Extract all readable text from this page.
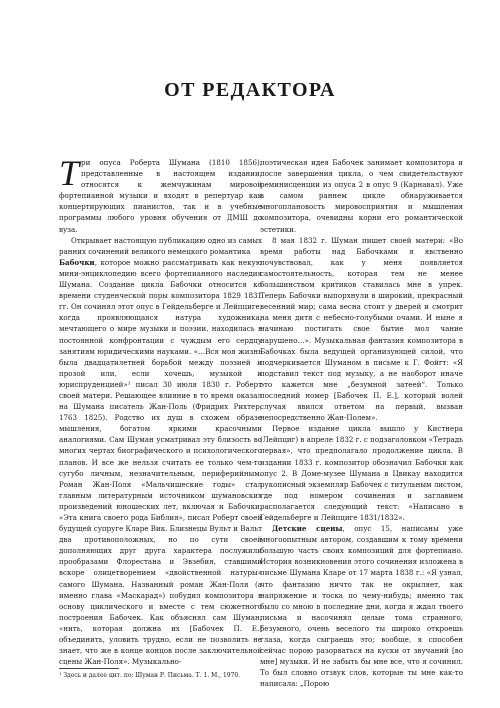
ОТ РЕДАКТОРА

Три опуса Роберта Шумана (1810 1856), представленные в настоящем издании, относятся к жемчужинам мировой фортепианной музыки и входят в репертуар как концертирующих пианистов, так и в учебные программы любого уровня обучения от ДМШ до вуза.

Открывает настоящую публикацию одно из самых ранних сочинений великого немецкого романтика

Бабочки, которое можно рассматривать как некую мини-энциклопедию всего фортепианного наследия Шумана. Создание цикла Бабочки относится ко времени студенческой поры композитора 1829 1831 гг. Он сочинял этот опус в Гейдельберге и Лейпциге, когда проявляющаяся натура художника, мечтающего о мире музыки и поэзии, находилась в постоянной конфронтации с чуждым его сердцу занятиям юридическими науками. «…Вся моя жизнь была двадцатилетней борьбой между поэзией и прозой или, если хочешь, музыкой и юриспруденцией»¹ писал 30 июля 1830 г. Роберт своей матери. Решающее влияние в то время оказал на Шумана писатель Жан-Поль (Фридрих Рихтер, 1763 1825). Родство их душ в схожем образе мышления, богатом яркими красочными аналогиями. Сам Шуман усматривал эту близость во многих чертах биографического и психологического планов. И все же нельзя считать ее только чем-то сугубо личным, незначительным, периферийным. Роман Жан-Поля «Мальчишеские годы» стал главным литературным источником шумановских произведений юношеских лет, включая и Бабочки. «Эта книга своего рода Библия», писал Роберт своей будущей супруге Кларе Вик. Близнецы Вульт и Вальт два противоположных, но по сути своей дополняющих друг друга характера послужили прообразами Флорестана и Эвзебия, ставшими вскоре олицетворением «двойственной натуры» самого Шумана. Названный роман Жан-Поля (а именно глава «Маскарад») побудил композитора в основу циклического и вместе с тем сюжетного построения Бабочек. Как объяснял сам Шуман, «нить, которая должна их [Бабочек П. Е.] объединить, уловить трудно, если не позволить не знает, что же в конце концов после заключительной сцены Жан-Поля». Музыкально-

поэтическая идея Бабочек занимает композитора и после завершения цикла, о чем свидетельствуют реминисценции из опуса 2 в опус 9 (Карнавал). Уже в самом раннем цикле обнаруживается многоплановость мировосприятия и мышления композитора, очевидны корни его романтической эстетики.

8 мая 1832 г. Шуман пишет своей матери: «Во время работы над Бабочками я явственно почувствовал, как у меня появляется самостоятельность, которая тем не менее большинством критиков ставилась мне в упрек. Теперь Бабочки выпорхнули в широкий, прекрасный весенний мир; сама весна стоит у дверей и смотрит на меня дитя с небесно-голубыми очами. И ныне я начинаю постигать свое бытие мол чание нарушено…». Музыкальная фантазия композитора в Бабочках была ведущей организующей силой, что подчеркивается Шуманом в письме к Г. Фойгт: «Я подставил текст под музыку, а не наоборот иначе это кажется мне „безумной затеей“. Только последний номер [Бабочек П. Е.], который волей случая явился ответом на первый, вызван непосредственно Жан-Полем».

Первое издание цикла вышло у Кистнера (Лейпциг) в апреле 1832 г. с подзаголовком «Тетрадь первая», что предполагало продолжение цикла. В издании 1833 г. композитор обозначил Бабочки как опус 2. В Доме-музее Шумана в Цвикау находится рукописный экземпляр Бабочек с титульным листом, где под номером сочинения и заглавием располагается следующий текст: «Написано в Гейдельберге и Лейпциге 1831/1832».

Детские сцены, опус 15, написаны уже многоопытным автором, создавшим к тому времени большую часть своих композиций для фортепиано. История возникновения этого сочинения изложена в письме Шумана Кларе от 17 марта 1838 г.: «Я узнал, что фантазию ничто так не окрыляет, как напряжение и тоска по чему-нибудь; именно так было со мною в последние дни, когда я ждал твоего письма и насочинял целые тома странного, безумного, очень веселого ты широко откроешь глаза, когда сыграешь это; вообще, я способен сейчас порою разорваться на куски от звучаний [во мне] музыки. И не забыть бы мне все, что я сочинил. То был словно отзвук слов, которые ты мне как-то написала: „Порою

¹ Здесь и далее цит. по: Шуман Р. Письма. Т. 1. М., 1970.
